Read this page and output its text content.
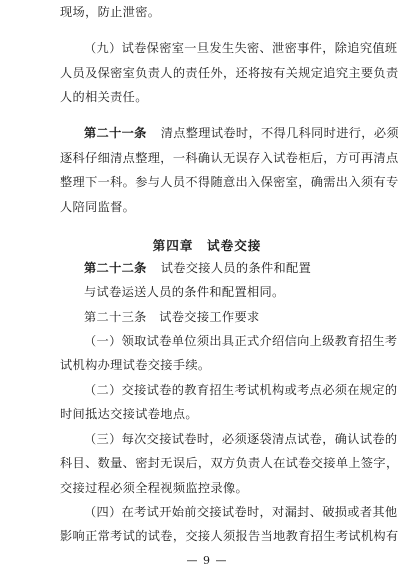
现场，防止泄密。
（九）试卷保密室一旦发生失密、泄密事件，除追究值班
人员及保密室负责人的责任外，还将按有关规定追究主要负责
人的相关责任。
第二十一条 清点整理试卷时，不得几科同时进行，必须
逐科仔细清点整理，一科确认无误存入试卷柜后，方可再清点
整理下一科。参与人员不得随意出入保密室，确需出入须有专
人陪同监督。
第四章　试卷交接
第二十二条 试卷交接人员的条件和配置
与试卷运送人员的条件和配置相同。
第二十三条　试卷交接工作要求
（一）领取试卷单位须出具正式介绍信向上级教育招生考
试机构办理试卷交接手续。
（二）交接试卷的教育招生考试机构或考点必须在规定的
时间抵达交接试卷地点。
（三）每次交接试卷时，必须逐袋清点试卷，确认试卷的
科目、数量、密封无误后，双方负责人在试卷交接单上签字，
交接过程必须全程视频监控录像。
（四）在考试开始前交接试卷时，对漏封、破损或者其他
影响正常考试的试卷，交接人须报告当地教育招生考试机构有
— 9 —
